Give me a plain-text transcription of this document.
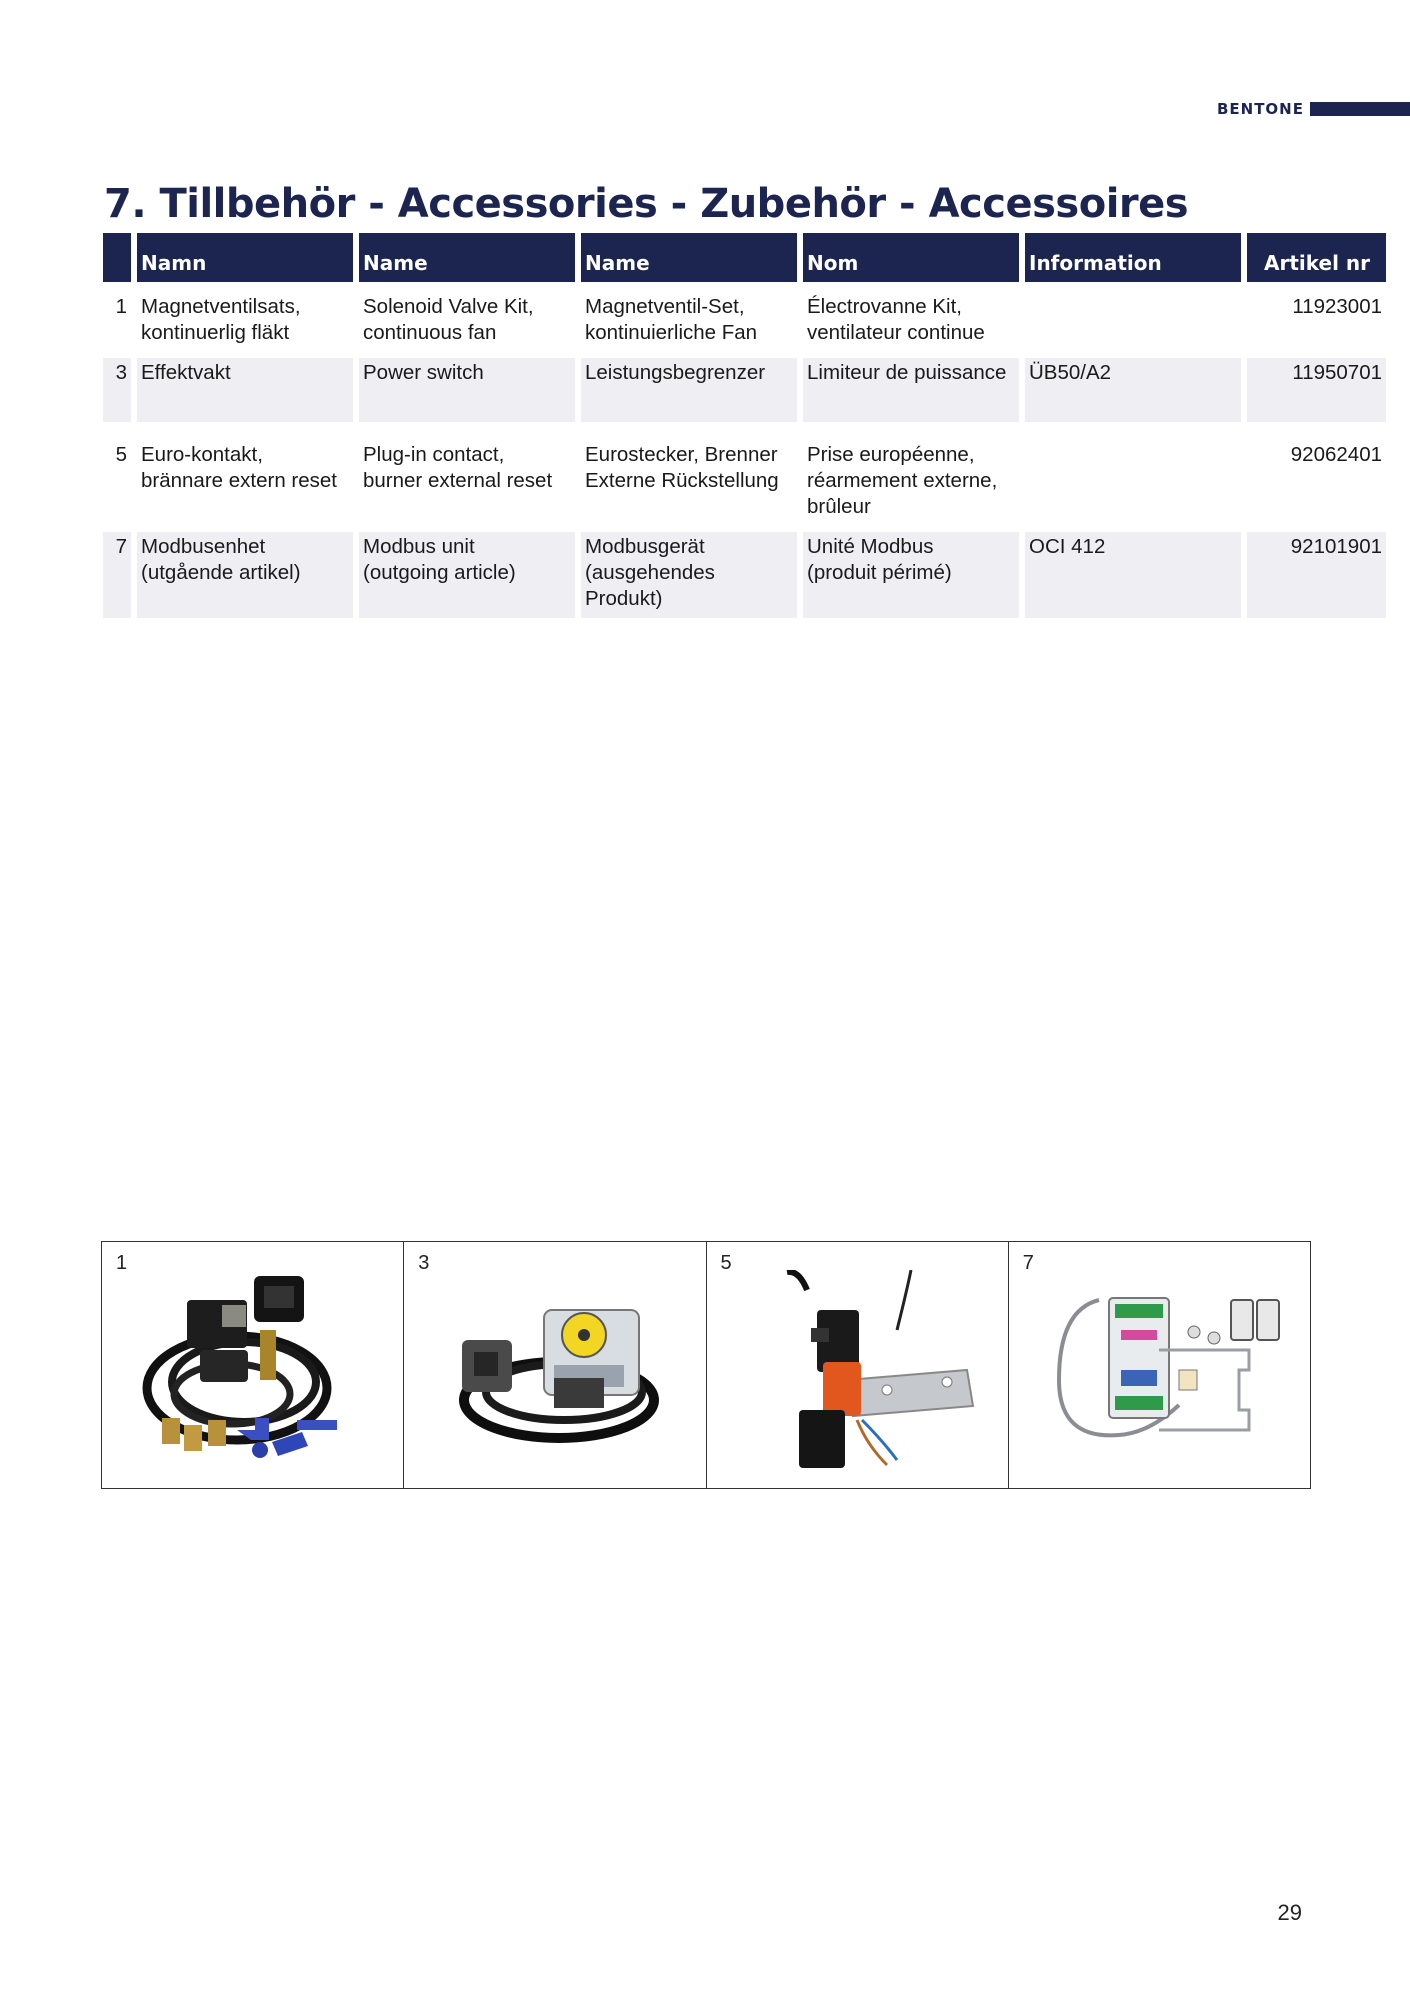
BENTONE
7. Tillbehör - Accessories - Zubehör - Accessoires
	Namn	Name	Name	Nom	Information	Artikel nr

1	Magnetventilsats,
kontinuerlig fläkt	Solenoid Valve Kit,
continuous fan	Magnetventil-Set,
kontinuierliche Fan	Électrovanne Kit,
ventilateur continue		11923001

3	Effektvakt	Power switch	Leistungsbegrenzer	Limiteur de puissance	ÜB50/A2	11950701

5	Euro-kontakt,
brännare extern reset	Plug-in contact,
burner external reset	Eurostecker, Brenner
Externe Rückstellung	Prise européenne,
réarmement externe,
brûleur		92062401

7	Modbusenhet
(utgående artikel)	Modbus unit
(outgoing article)	Modbusgerät
(ausgehendes
Produkt)	Unité Modbus
(produit périmé)	OCI 412	92101901
1	3	5	7
29
